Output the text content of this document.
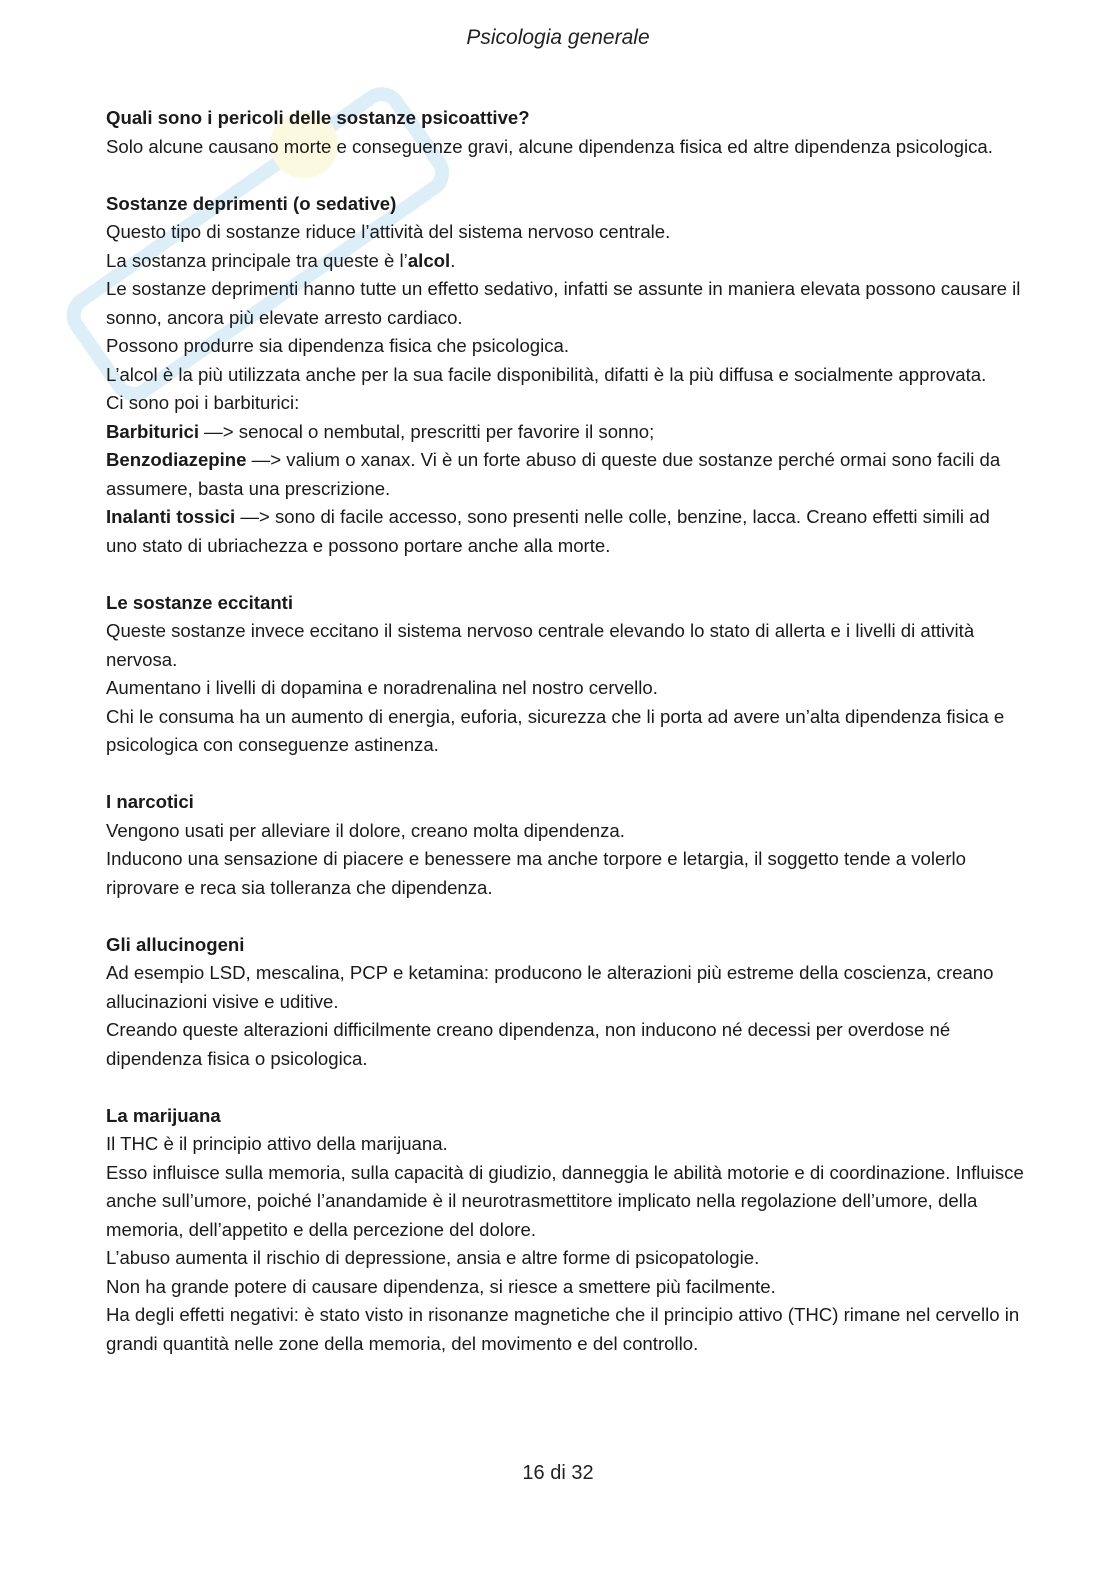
Psicologia generale

Quali sono i pericoli delle sostanze psicoattive?

Solo alcune causano morte e conseguenze gravi, alcune dipendenza fisica ed altre dipendenza psicologica.

Sostanze deprimenti (o sedative)

Questo tipo di sostanze riduce l’attività del sistema nervoso centrale.

La sostanza principale tra queste è l’alcol.

Le sostanze deprimenti hanno tutte un effetto sedativo, infatti se assunte in maniera elevata possono causare il sonno, ancora più elevate arresto cardiaco.

Possono produrre sia dipendenza fisica che psicologica.

L’alcol è la più utilizzata anche per la sua facile disponibilità, difatti è la più diffusa e socialmente approvata.

Ci sono poi i barbiturici:

Barbiturici —> senocal o nembutal, prescritti per favorire il sonno;

Benzodiazepine —> valium o xanax. Vi è un forte abuso di queste due sostanze perché ormai sono facili da assumere, basta una prescrizione.

Inalanti tossici —> sono di facile accesso, sono presenti nelle colle, benzine, lacca. Creano effetti simili ad uno stato di ubriachezza e possono portare anche alla morte.

Le sostanze eccitanti

Queste sostanze invece eccitano il sistema nervoso centrale elevando lo stato di allerta e i livelli di attività nervosa.

Aumentano i livelli di dopamina e noradrenalina nel nostro cervello.

Chi le consuma ha un aumento di energia, euforia, sicurezza che li porta ad avere un’alta dipendenza fisica e psicologica con conseguenze astinenza.

I narcotici

Vengono usati per alleviare il dolore, creano molta dipendenza.

Inducono una sensazione di piacere e benessere ma anche torpore e letargia, il soggetto tende a volerlo riprovare e reca sia tolleranza che dipendenza.

Gli allucinogeni

Ad esempio LSD, mescalina, PCP e ketamina: producono le alterazioni più estreme della coscienza, creano allucinazioni visive e uditive.

Creando queste alterazioni difficilmente creano dipendenza, non inducono né decessi per overdose né dipendenza fisica o psicologica.

La marijuana

Il THC è il principio attivo della marijuana.

Esso influisce sulla memoria, sulla capacità di giudizio, danneggia le abilità motorie e di coordinazione. Influisce anche sull’umore, poiché l’anandamide è il neurotrasmettitore implicato nella regolazione dell’umore, della memoria, dell’appetito e della percezione del dolore.

L’abuso aumenta il rischio di depressione, ansia e altre forme di psicopatologie.

Non ha grande potere di causare dipendenza, si riesce a smettere più facilmente.

Ha degli effetti negativi: è stato visto in risonanze magnetiche che il principio attivo (THC) rimane nel cervello in grandi quantità nelle zone della memoria, del movimento e del controllo.

16 di 32
